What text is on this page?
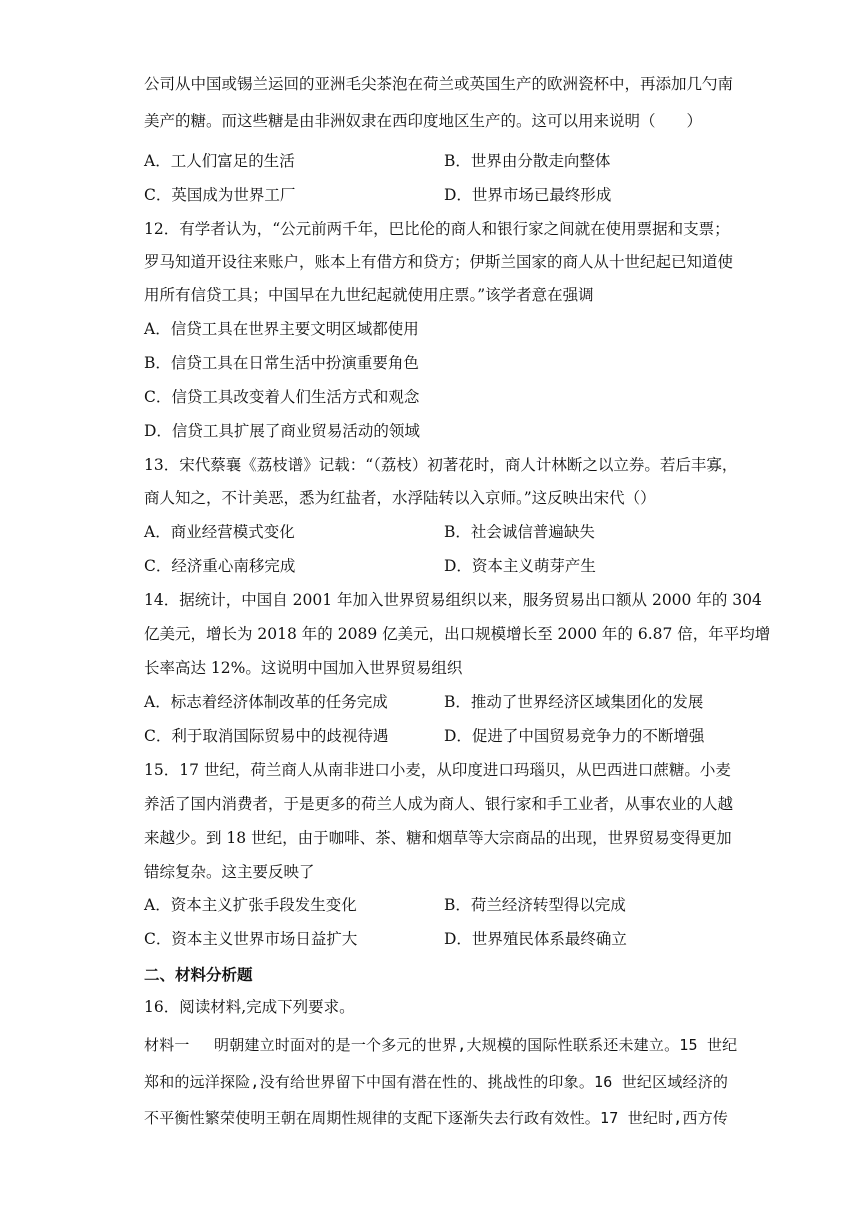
公司从中国或锡兰运回的亚洲毛尖茶泡在荷兰或英国生产的欧洲瓷杯中，再添加几勺南
美产的糖。而这些糖是由非洲奴隶在西印度地区生产的。这可以用来说明（　　）
A．工人们富足的生活	B．世界由分散走向整体
C．英国成为世界工厂	D．世界市场已最终形成
12．有学者认为，“公元前两千年，巴比伦的商人和银行家之间就在使用票据和支票；
罗马知道开设往来账户，账本上有借方和贷方；伊斯兰国家的商人从十世纪起已知道使
用所有信贷工具；中国早在九世纪起就使用庄票。”该学者意在强调
A．信贷工具在世界主要文明区域都使用
B．信贷工具在日常生活中扮演重要角色
C．信贷工具改变着人们生活方式和观念
D．信贷工具扩展了商业贸易活动的领域
13．宋代蔡襄《荔枝谱》记载：“（荔枝）初著花时，商人计林断之以立券。若后丰寡，
商人知之，不计美恶，悉为红盐者，水浮陆转以入京师。”这反映出宋代（）
A．商业经营模式变化	B．社会诚信普遍缺失
C．经济重心南移完成	D．资本主义萌芽产生
14．据统计，中国自 2001 年加入世界贸易组织以来，服务贸易出口额从 2000 年的 304
亿美元，增长为 2018 年的 2089 亿美元，出口规模增长至 2000 年的 6.87 倍，年平均增
长率高达 12%。这说明中国加入世界贸易组织
A．标志着经济体制改革的任务完成	B．推动了世界经济区域集团化的发展
C．利于取消国际贸易中的歧视待遇	D．促进了中国贸易竞争力的不断增强
15．17 世纪，荷兰商人从南非进口小麦，从印度进口玛瑙贝，从巴西进口蔗糖。小麦
养活了国内消费者，于是更多的荷兰人成为商人、银行家和手工业者，从事农业的人越
来越少。到 18 世纪，由于咖啡、茶、糖和烟草等大宗商品的出现，世界贸易变得更加
错综复杂。这主要反映了
A．资本主义扩张手段发生变化	B．荷兰经济转型得以完成
C．资本主义世界市场日益扩大	D．世界殖民体系最终确立
二、材料分析题
16．阅读材料,完成下列要求。
材料一　 明朝建立时面对的是一个多元的世界,大规模的国际性联系还未建立。15 世纪
郑和的远洋探险,没有给世界留下中国有潜在性的、挑战性的印象。16 世纪区域经济的
不平衡性繁荣使明王朝在周期性规律的支配下逐渐失去行政有效性。17 世纪时,西方传
